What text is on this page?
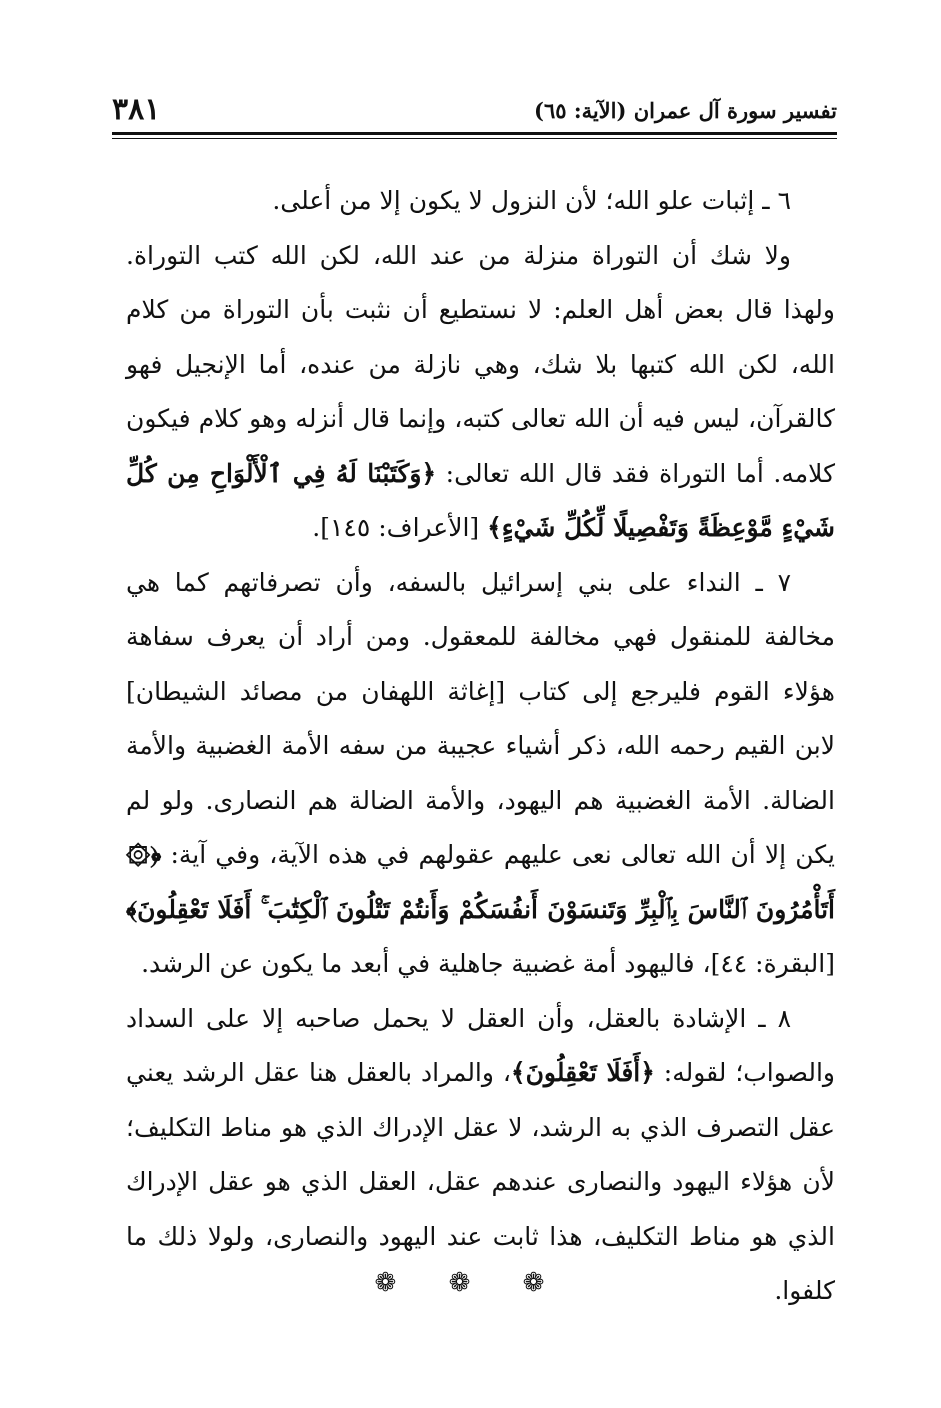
تفسير سورة آل عمران (الآية: ٦٥)
٣٨١

٦ ـ إثبات علو الله؛ لأن النزول لا يكون إلا من أعلى.

ولا شك أن التوراة منزلة من عند الله، لكن الله كتب التوراة. ولهذا قال بعض أهل العلم: لا نستطيع أن نثبت بأن التوراة من كلام الله، لكن الله كتبها بلا شك، وهي نازلة من عنده، أما الإنجيل فهو كالقرآن، ليس فيه أن الله تعالى كتبه، وإنما قال أنزله وهو كلام فيكون كلامه. أما التوراة فقد قال الله تعالى: ﴿وَكَتَبْنَا لَهُ فِي ٱلْأَلْوَاحِ مِن كُلِّ شَيْءٍ مَّوْعِظَةً وَتَفْصِيلًا لِّكُلِّ شَيْءٍ﴾ [الأعراف: ١٤٥].

٧ ـ النداء على بني إسرائيل بالسفه، وأن تصرفاتهم كما هي مخالفة للمنقول فهي مخالفة للمعقول. ومن أراد أن يعرف سفاهة هؤلاء القوم فليرجع إلى كتاب [إغاثة اللهفان من مصائد الشيطان] لابن القيم رحمه الله، ذكر أشياء عجيبة من سفه الأمة الغضبية والأمة الضالة. الأمة الغضبية هم اليهود، والأمة الضالة هم النصارى. ولو لم يكن إلا أن الله تعالى نعى عليهم عقولهم في هذه الآية، وفي آية: ﴿۞ أَتَأْمُرُونَ ٱلنَّاسَ بِٱلْبِرِّ وَتَنسَوْنَ أَنفُسَكُمْ وَأَنتُمْ تَتْلُونَ ٱلْكِتَٰبَ ۚ أَفَلَا تَعْقِلُونَ﴾ [البقرة: ٤٤]، فاليهود أمة غضبية جاهلية في أبعد ما يكون عن الرشد.

٨ ـ الإشادة بالعقل، وأن العقل لا يحمل صاحبه إلا على السداد والصواب؛ لقوله: ﴿أَفَلَا تَعْقِلُونَ﴾، والمراد بالعقل هنا عقل الرشد يعني عقل التصرف الذي به الرشد، لا عقل الإدراك الذي هو مناط التكليف؛ لأن هؤلاء اليهود والنصارى عندهم عقل، العقل الذي هو عقل الإدراك الذي هو مناط التكليف، هذا ثابت عند اليهود والنصارى، ولولا ذلك ما كلفوا.

❁ ❁ ❁
